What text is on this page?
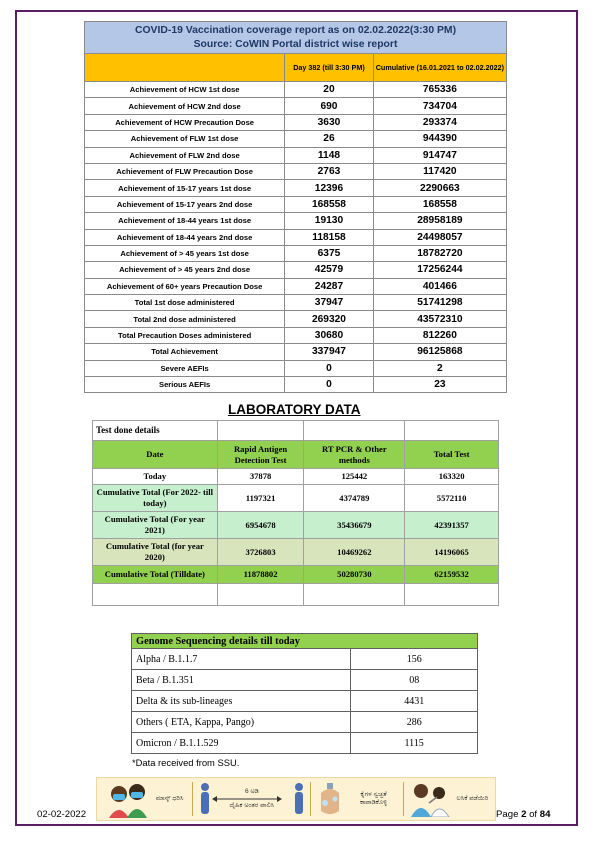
COVID-19 Vaccination coverage report as on 02.02.2022(3:30 PM)
Source: CoWIN Portal district wise report		

	Day 382 (till 3:30 PM)	Cumulative (16.01.2021 to 02.02.2022)
Achievement of HCW 1st dose	20	765336
Achievement of HCW 2nd dose	690	734704
Achievement of HCW Precaution Dose	3630	293374
Achievement of FLW 1st dose	26	944390
Achievement of FLW 2nd dose	1148	914747
Achievement of FLW Precaution Dose	2763	117420
Achievement of 15-17 years 1st dose	12396	2290663
Achievement of 15-17 years 2nd dose	168558	168558
Achievement of 18-44 years 1st dose	19130	28958189
Achievement of 18-44 years 2nd dose	118158	24498057
Achievement of > 45 years 1st dose	6375	18782720
Achievement of > 45 years 2nd dose	42579	17256244
Achievement of 60+ years Precaution Dose	24287	401466
Total 1st dose administered	37947	51741298
Total 2nd dose administered	269320	43572310
Total Precaution Doses administered	30680	812260
Total Achievement	337947	96125868
Severe AEFIs	0	2
Serious AEFIs	0	23
LABORATORY DATA
Test done details			
Date	Rapid Antigen Detection Test	RT PCR & Other methods	Total Test
Today	37878	125442	163320
Cumulative Total (For 2022- till today)	1197321	4374789	5572110
Cumulative Total (For year 2021)	6954678	35436679	42391357
Cumulative Total (for year 2020)	3726803	10469262	14196065
Cumulative Total (Tilldate)	11878802	50280730	62159532

Genome Sequencing details till today	
Alpha / B.1.1.7	156
Beta / B.1.351	08
Delta & its sub-lineages	4431
Others ( ETA, Kappa, Pango)	286
Omicron / B.1.1.529	1115
*Data received from SSU.
ಮಾಸ್ಕ್ ಧರಿಸಿ
6 ಅಡಿ
ದೈಹಿಕ ಅಂತರ ಪಾಲಿಸಿ
ಕೈಗಳ ಸ್ವಚ್ಛತೆ ಕಾಪಾಡಿಕೊಳ್ಳಿ
ಲಸಿಕೆ ಪಡೆಯಿರಿ
02-02-2022	Page 2 of 84
